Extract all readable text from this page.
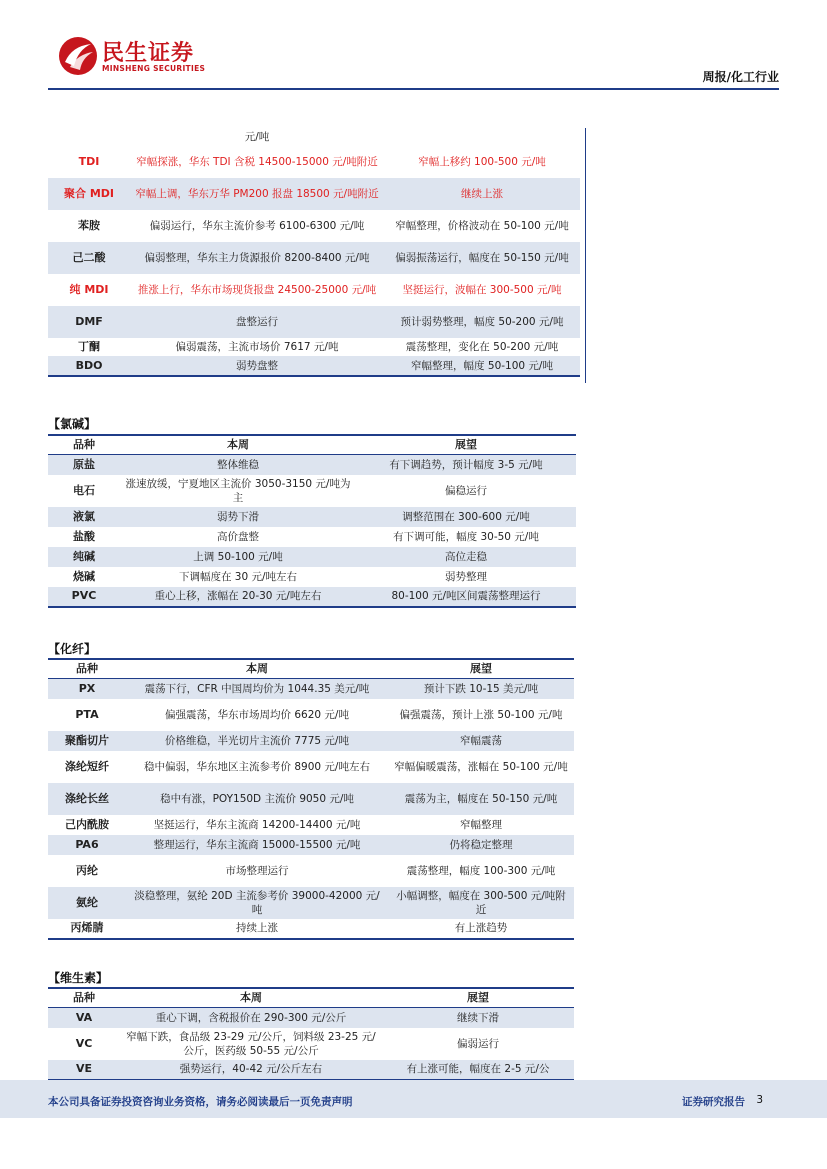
民生证券
MINSHENG SECURITIES
周报/化工行业
	元/吨	
TDI	窄幅探涨，华东 TDI 含税 14500-15000 元/吨附近	窄幅上移约 100-500 元/吨
聚合 MDI	窄幅上调，华东万华 PM200 报盘 18500 元/吨附近	继续上涨
苯胺	偏弱运行，华东主流价参考 6100-6300 元/吨	窄幅整理，价格波动在 50-100 元/吨
己二酸	偏弱整理，华东主力货源报价 8200-8400 元/吨	偏弱振荡运行，幅度在 50-150 元/吨
纯 MDI	推涨上行，华东市场现货报盘 24500-25000 元/吨	坚挺运行，波幅在 300-500 元/吨
DMF	盘整运行	预计弱势整理，幅度 50-200 元/吨
丁酮	偏弱震荡，主流市场价 7617 元/吨	震荡整理，变化在 50-200 元/吨
BDO	弱势盘整	窄幅整理，幅度 50-100 元/吨
【氯碱】
品种	本周	展望
原盐	整体维稳	有下调趋势，预计幅度 3-5 元/吨
电石	涨速放缓，宁夏地区主流价 3050-3150 元/吨为主	偏稳运行
液氯	弱势下滑	调整范围在 300-600 元/吨
盐酸	高价盘整	有下调可能，幅度 30-50 元/吨
纯碱	上调 50-100 元/吨	高位走稳
烧碱	下调幅度在 30 元/吨左右	弱势整理
PVC	重心上移，涨幅在 20-30 元/吨左右	80-100 元/吨区间震荡整理运行
【化纤】
品种	本周	展望
PX	震荡下行，CFR 中国周均价为 1044.35 美元/吨	预计下跌 10-15 美元/吨
PTA	偏强震荡，华东市场周均价 6620 元/吨	偏强震荡，预计上涨 50-100 元/吨
聚酯切片	价格维稳，半光切片主流价 7775 元/吨	窄幅震荡
涤纶短纤	稳中偏弱，华东地区主流参考价 8900 元/吨左右	窄幅偏暖震荡，涨幅在 50-100 元/吨
涤纶长丝	稳中有涨，POY150D 主流价 9050 元/吨	震荡为主，幅度在 50-150 元/吨
己内酰胺	坚挺运行，华东主流商 14200-14400 元/吨	窄幅整理
PA6	整理运行，华东主流商 15000-15500 元/吨	仍将稳定整理
丙纶	市场整理运行	震荡整理，幅度 100-300 元/吨
氨纶	淡稳整理，氨纶 20D 主流参考价 39000-42000 元/吨	小幅调整，幅度在 300-500 元/吨附近
丙烯腈	持续上涨	有上涨趋势
【维生素】
品种	本周	展望
VA	重心下调，含税报价在 290-300 元/公斤	继续下滑
VC	窄幅下跌，食品级 23-29 元/公斤，饲料级 23-25 元/公斤，医药级 50-55 元/公斤	偏弱运行
VE	强势运行，40-42 元/公斤左右	有上涨可能，幅度在 2-5 元/公
本公司具备证券投资咨询业务资格，请务必阅读最后一页免责声明	证券研究报告 3
